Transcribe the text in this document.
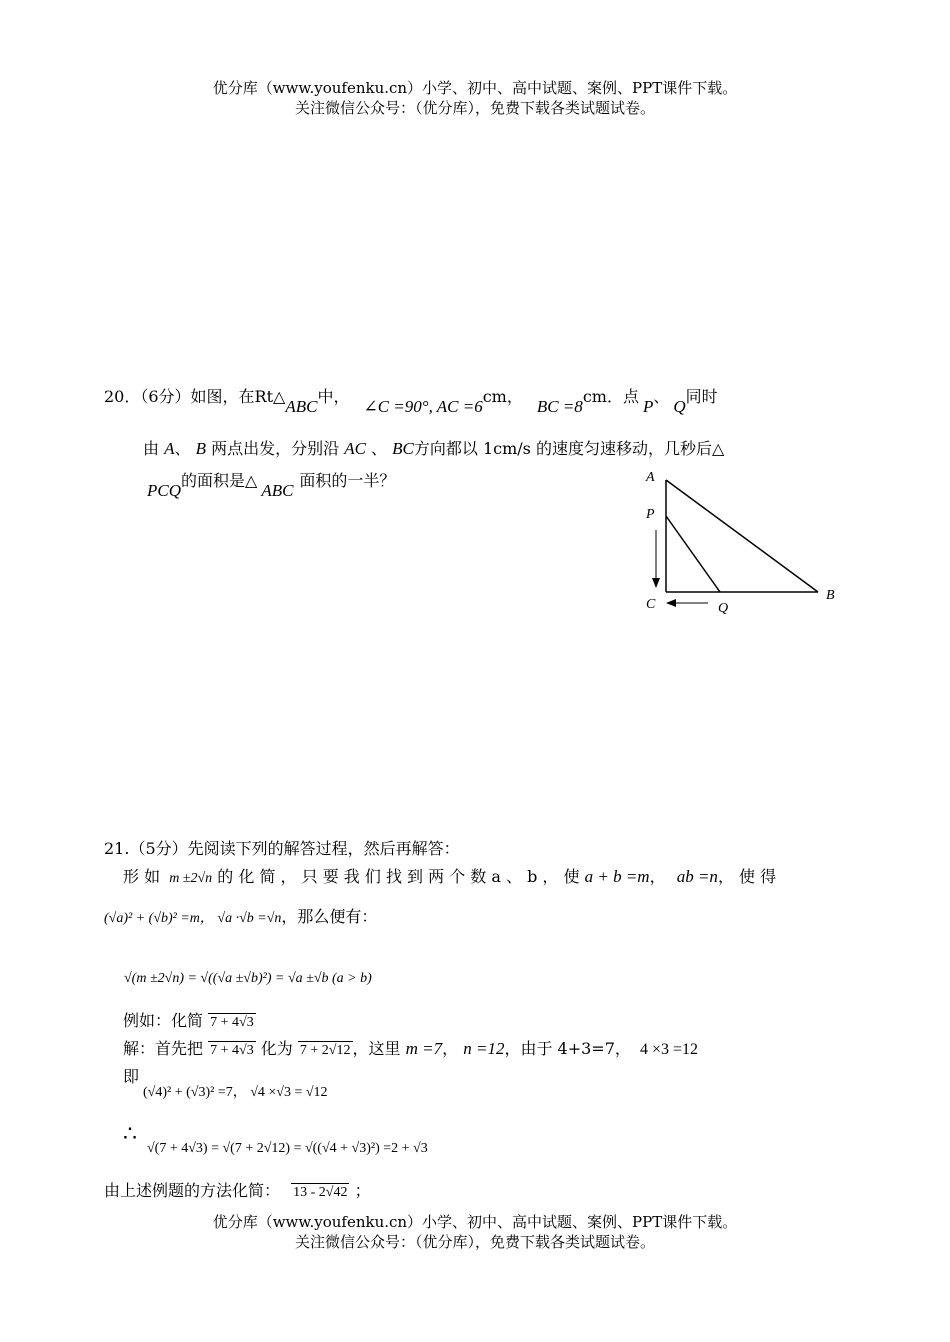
优分库（www.youfenku.cn）小学、初中、高中试题、案例、PPT课件下载。
关注微信公众号：（优分库），免费下载各类试题试卷。
20．（6分）如图，在Rt△ABC中，∠C =90°, AC =6cm，BC =8cm．点P、Q同时
由 A、 B 两点出发，分别沿 AC 、 BC方向都以 1cm/s 的速度匀速移动，几秒后△
PCQ的面积是△ABC面积的一半？	A
P
C	Q
B
21.（5分）先阅读下列的解答过程，然后再解答：
形 如 m ±2√n 的 化 简 ， 只 要 我 们 找 到 两 个 数 a 、 b ， 使 a + b =m， ab =n， 使 得
(√a)² + (√b)² =m， √a ·√b =√n，那么便有：
√(m ±2√n) = √((√a ±√b)²) = √a ±√b (a > b)
例如：化简 7 + 4√3
解：首先把 7 + 4√3 化为 7 + 2√12 ，这里 m =7， n =12，由于 4+3=7， 4 ×3 =12
即
(√4)² + (√3)² =7， √4 ×√3 = √12
∴
√(7 + 4√3) = √(7 + 2√12) = √((√4 + √3)²) =2 + √3
由上述例题的方法化简： 13 - 2√42 ；
优分库（www.youfenku.cn）小学、初中、高中试题、案例、PPT课件下载。
关注微信公众号：（优分库），免费下载各类试题试卷。
